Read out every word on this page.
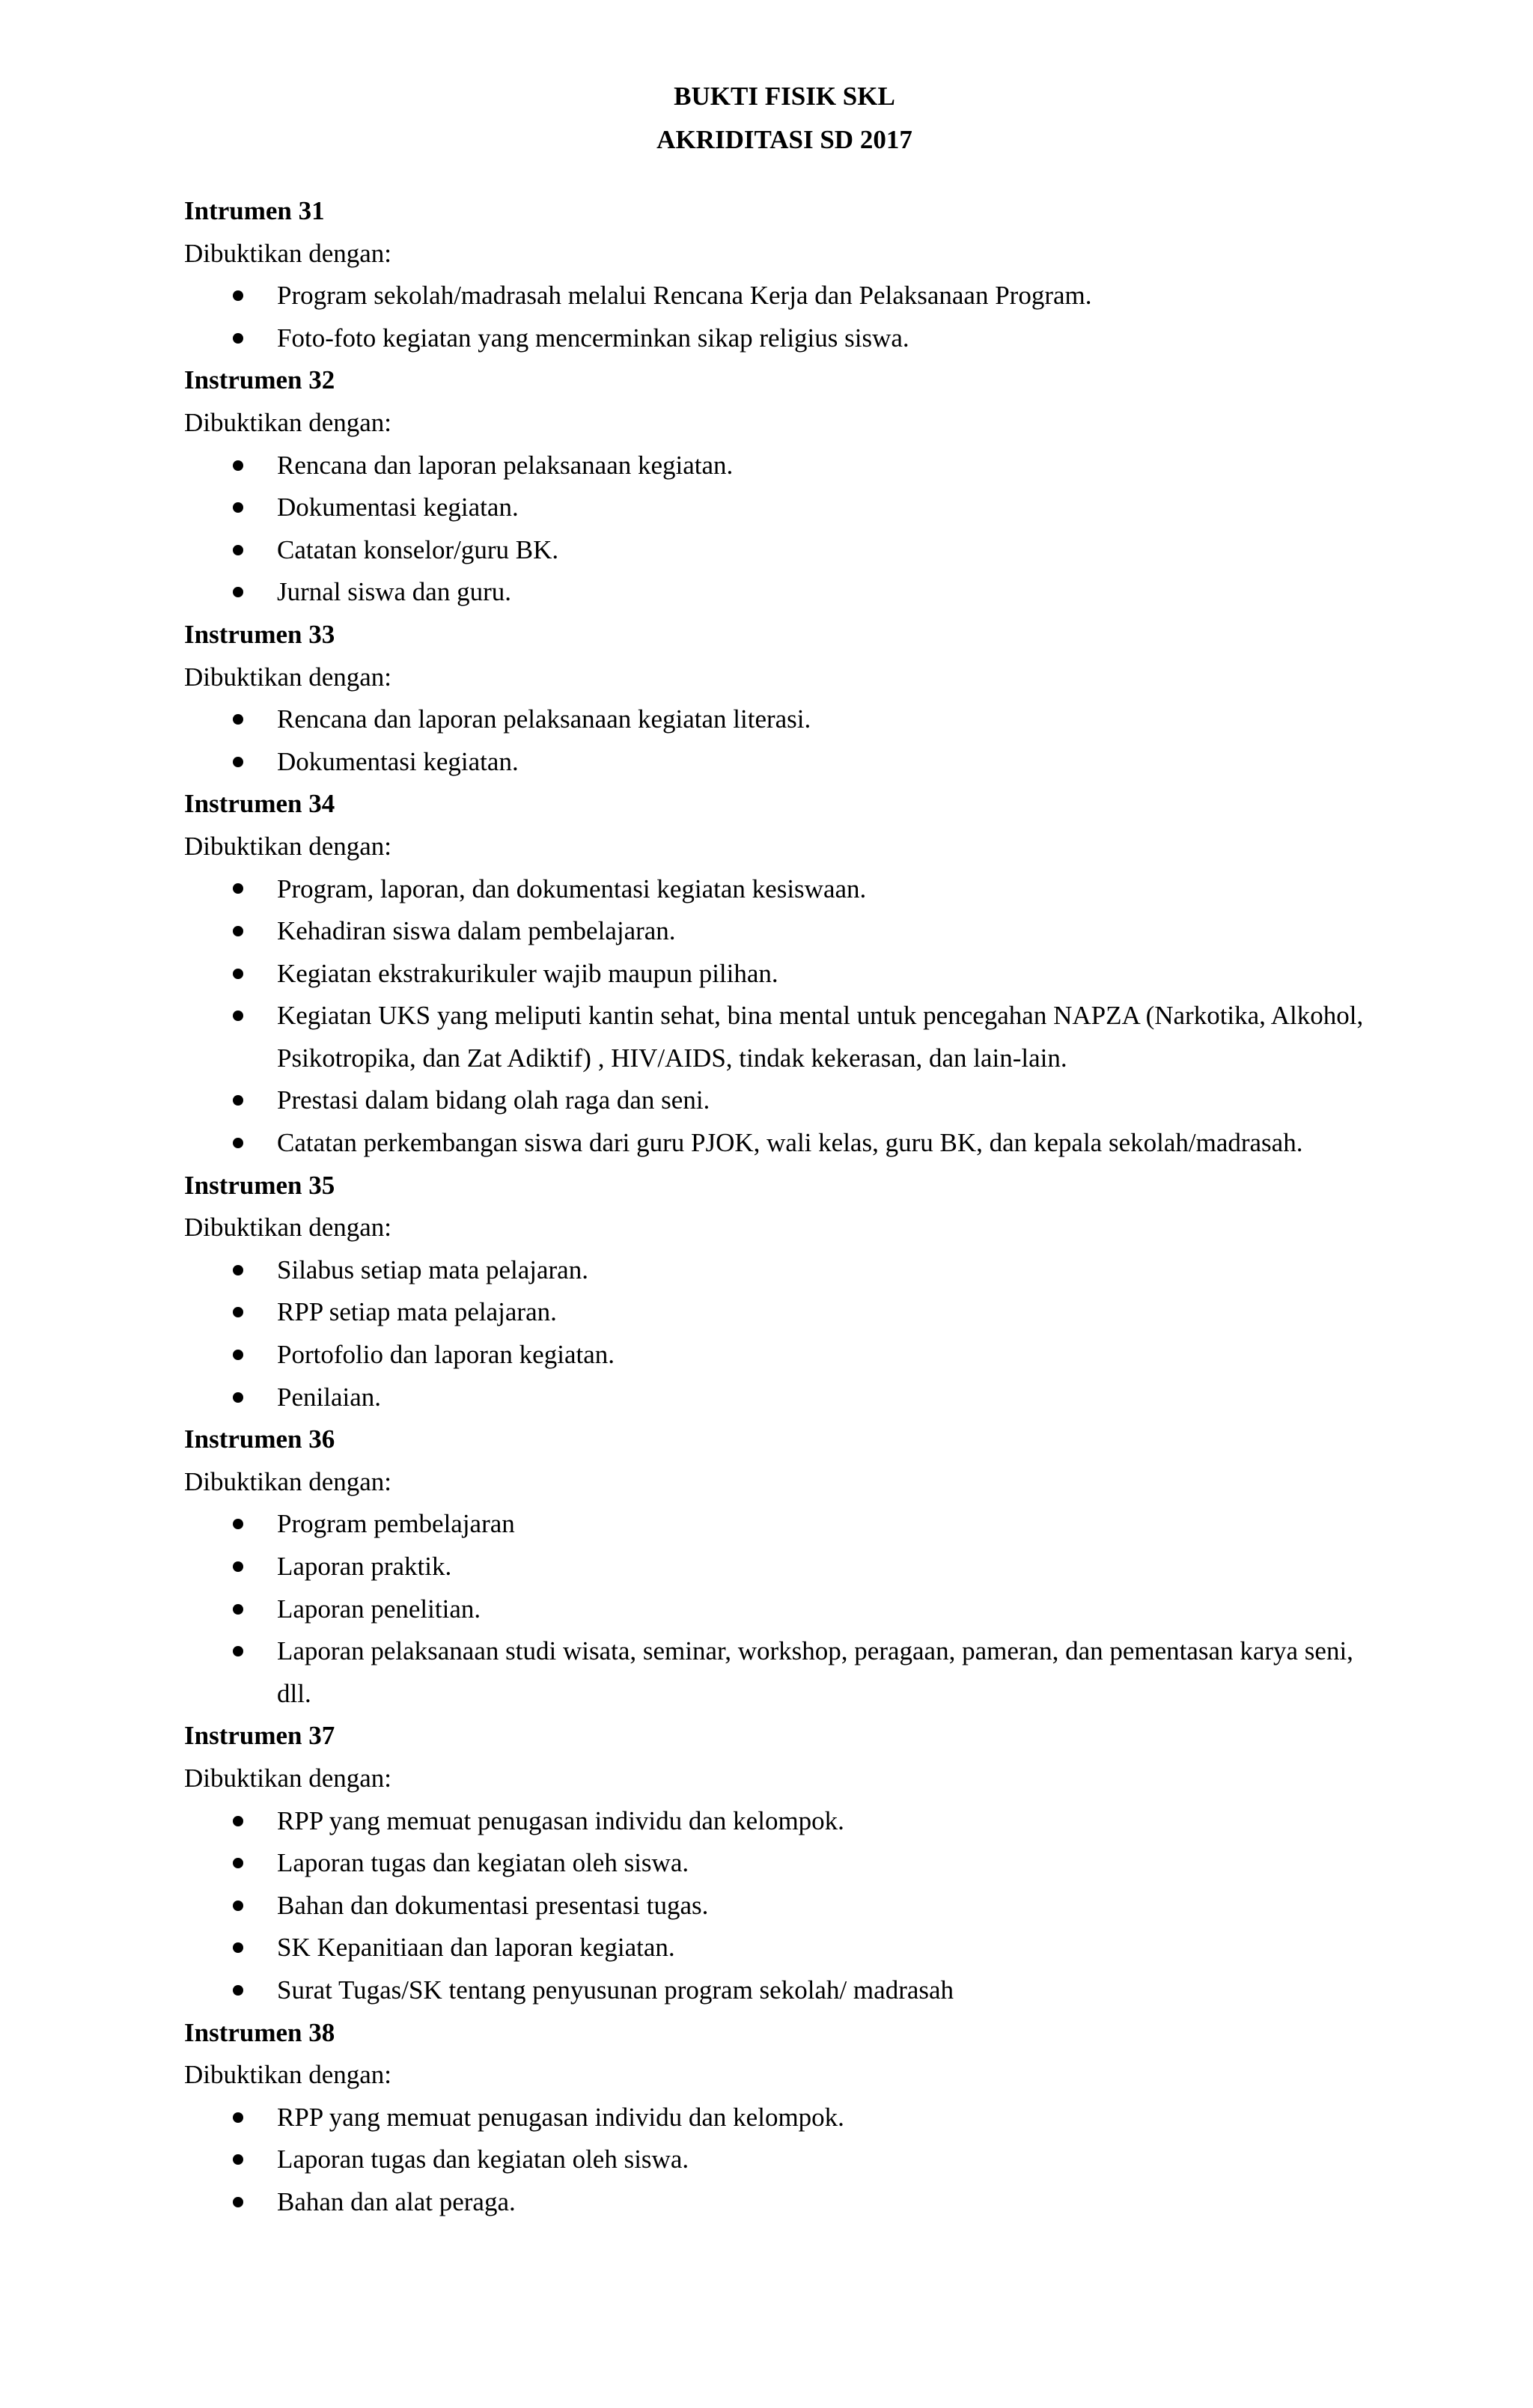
BUKTI FISIK SKL
AKRIDITASI SD 2017
Intrumen 31
Dibuktikan dengan:
Program sekolah/madrasah melalui Rencana Kerja dan Pelaksanaan Program.
Foto-foto kegiatan yang mencerminkan sikap religius siswa.
Instrumen 32
Dibuktikan dengan:
Rencana dan laporan pelaksanaan kegiatan.
Dokumentasi kegiatan.
Catatan konselor/guru BK.
Jurnal siswa dan guru.
Instrumen 33
Dibuktikan dengan:
Rencana dan laporan pelaksanaan kegiatan literasi.
Dokumentasi kegiatan.
Instrumen 34
Dibuktikan dengan:
Program, laporan, dan dokumentasi kegiatan kesiswaan.
Kehadiran siswa dalam pembelajaran.
Kegiatan ekstrakurikuler wajib maupun pilihan.
Kegiatan UKS yang meliputi kantin sehat, bina mental untuk pencegahan NAPZA (Narkotika, Alkohol, Psikotropika, dan Zat Adiktif) , HIV/AIDS, tindak kekerasan, dan lain-lain.
Prestasi dalam bidang olah raga dan seni.
Catatan perkembangan siswa dari guru PJOK, wali kelas, guru BK, dan kepala sekolah/madrasah.
Instrumen 35
Dibuktikan dengan:
Silabus setiap mata pelajaran.
RPP setiap mata pelajaran.
Portofolio dan laporan kegiatan.
Penilaian.
Instrumen 36
Dibuktikan dengan:
Program pembelajaran
Laporan praktik.
Laporan penelitian.
Laporan pelaksanaan studi wisata, seminar, workshop, peragaan, pameran, dan pementasan karya seni, dll.
Instrumen 37
Dibuktikan dengan:
RPP yang memuat penugasan individu dan kelompok.
Laporan tugas dan kegiatan oleh siswa.
Bahan dan dokumentasi presentasi tugas.
SK Kepanitiaan dan laporan kegiatan.
Surat Tugas/SK tentang penyusunan program sekolah/ madrasah
Instrumen 38
Dibuktikan dengan:
RPP yang memuat penugasan individu dan kelompok.
Laporan tugas dan kegiatan oleh siswa.
Bahan dan alat peraga.
